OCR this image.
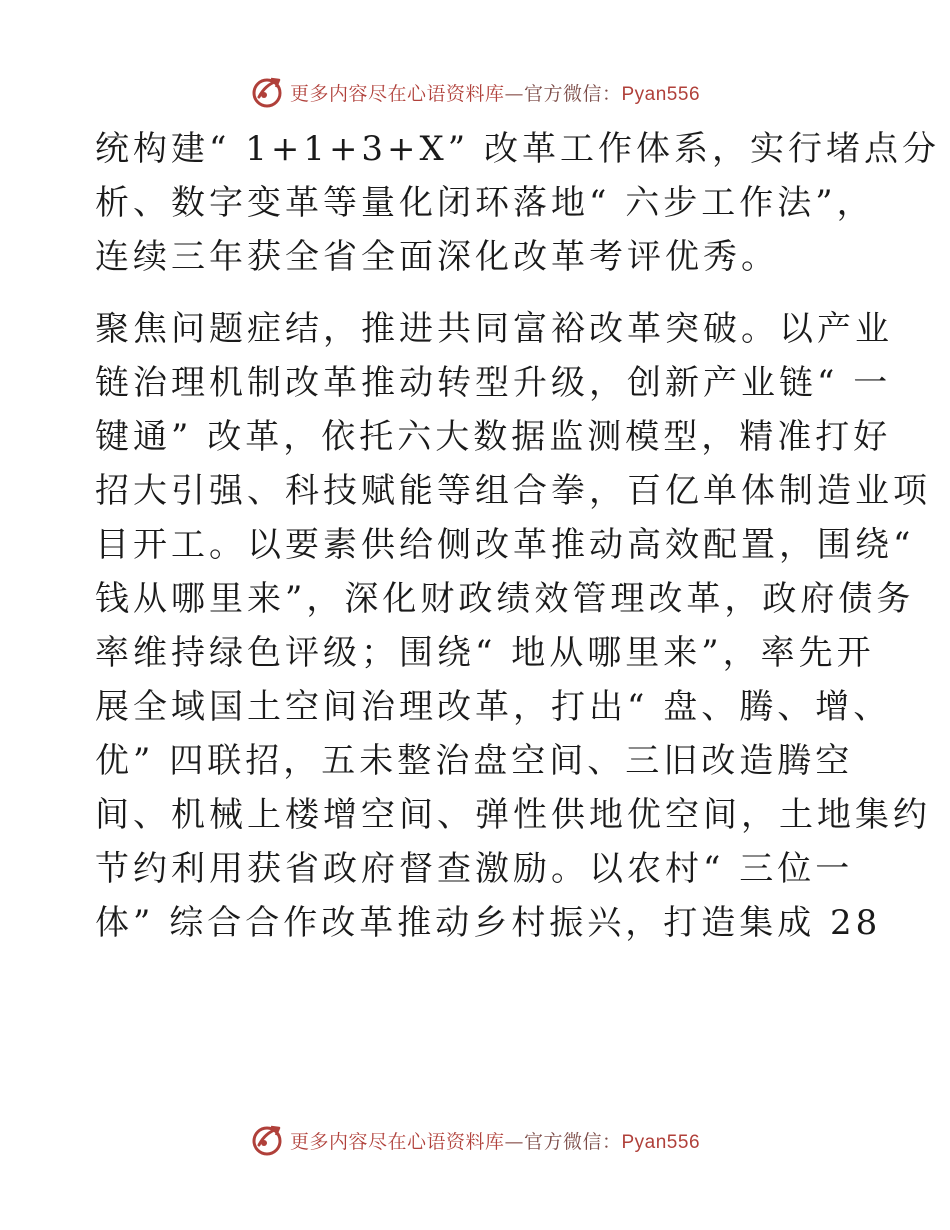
更多内容尽在心语资料库—官方微信：Pyan556
统构建“ 1+1+3+X” 改革工作体系，实行堵点分
析、数字变革等量化闭环落地“ 六步工作法”，
连续三年获全省全面深化改革考评优秀。
聚焦问题症结，推进共同富裕改革突破。以产业
链治理机制改革推动转型升级，创新产业链“ 一
键通” 改革，依托六大数据监测模型，精准打好
招大引强、科技赋能等组合拳，百亿单体制造业项
目开工。以要素供给侧改革推动高效配置，围绕“
钱从哪里来”，深化财政绩效管理改革，政府债务
率维持绿色评级；围绕“ 地从哪里来”，率先开
展全域国土空间治理改革，打出“ 盘、腾、增、
优” 四联招，五未整治盘空间、三旧改造腾空
间、机械上楼增空间、弹性供地优空间，土地集约
节约利用获省政府督查激励。以农村“ 三位一
体” 综合合作改革推动乡村振兴，打造集成 28
更多内容尽在心语资料库—官方微信：Pyan556
